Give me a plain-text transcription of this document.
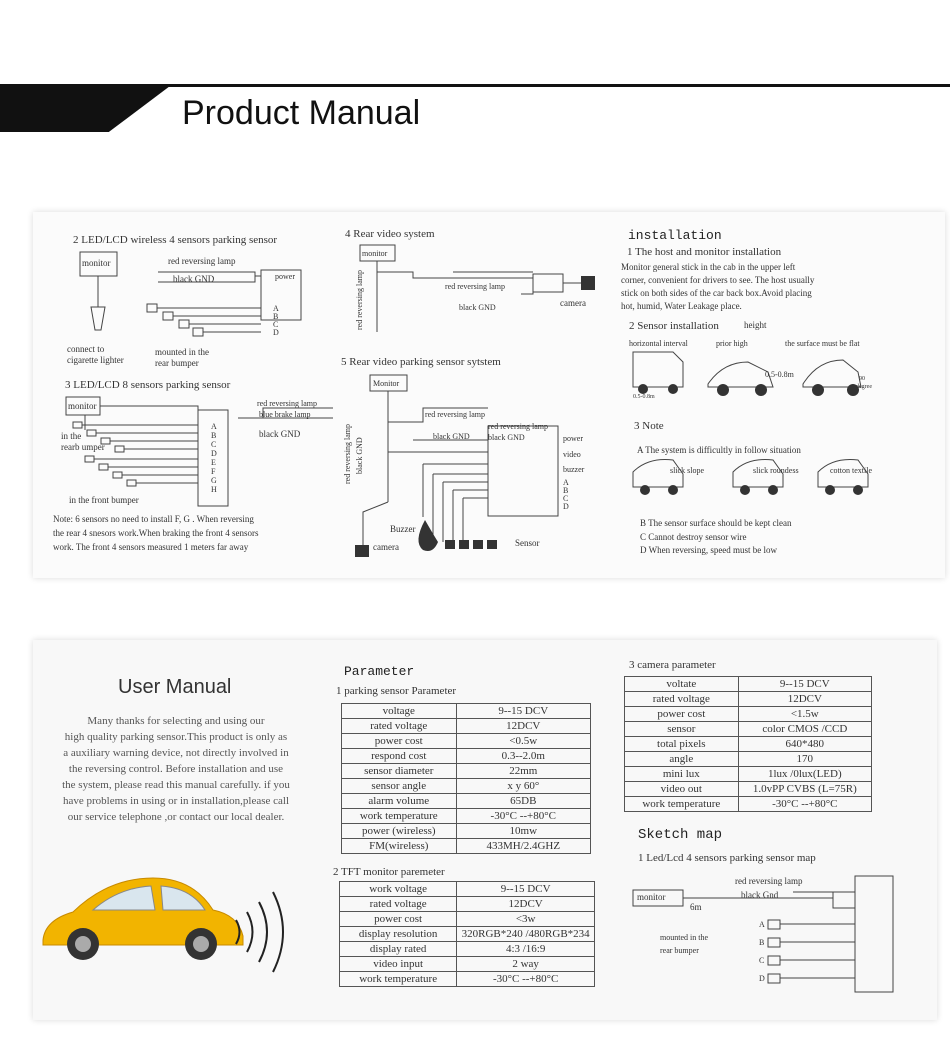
Product Manual
2 LED/LCD wireless 4 sensors parking sensor
monitor	red reversing lamp
black GND	power
A
B
C
D
connect to
cigarette lighter
mounted in the
rear bumper
3 LED/LCD 8 sensors parking sensor
monitor	red reversing lamp
blue brake lamp
black GND
in the
rearb umper
in the front bumper
A
B
C
D
E
F
G
H
Note: 6 sensors no need to install F, G . When reversing
the rear 4 snesors work.When braking the front 4 sensors
work. The front 4 sensors measured 1 meters far away
4 Rear video system
monitor
red reversing lamp	red reversing lamp
black GND	camera
5 Rear video parking sensor sytstem
Monitor
red reversing lamp
black GND
red reversing lamp
black GND
red reversing lamp black GND	power
video
buzzer
A
B
C
D
Buzzer
camera	Sensor
installation
1 The host and monitor installation
Monitor general stick in the cab in the upper left
corner, convenient for drivers to see. The host usually
stick on both sides of the car back box.Avoid placing
hot, humid, Water Leakage place.
2 Sensor installation	height
horizontal interval	prior high	the surface must be flat
0.5-0.8m
0.5-0.8m	90
degree
3 Note
A The system is difficultly in follow situation
slick slope	slick roundess	cotton textile
B The sensor surface should be kept clean
C Cannot destroy sensor wire
D When reversing, speed must be low
User Manual
Many thanks for selecting and using our
high quality parking sensor.This product is only as
a auxiliary warning device, not directly involved in
the reversing control. Before installation and use
the system, please read this manual carefully. if you
have problems in using or in installation,please call
our service telephone ,or contact our local dealer.
Parameter
1 parking sensor Parameter
voltage	9--15 DCV
rated voltage	12DCV
power cost	<0.5w
respond cost	0.3--2.0m
sensor diameter	22mm
sensor angle	x y 60°
alarm volume	65DB
work temperature	-30°C --+80°C
power (wireless)	10mw
FM(wireless)	433MH/2.4GHZ
2 TFT monitor paremeter
work voltage	9--15 DCV
rated voltage	12DCV
power cost	<3w
display resolution	320RGB*240 /480RGB*234
display rated	4:3 /16:9
video input	2 way
work temperature	-30°C --+80°C
3 camera parameter
voltate	9--15 DCV
rated voltage	12DCV
power cost	<1.5w
sensor	color CMOS /CCD
total pixels	640*480
angle	170
mini lux	1lux /0lux(LED)
video out	1.0vPP CVBS (L=75R)
work temperature	-30°C --+80°C
Sketch map
1 Led/Lcd 4 sensors parking sensor map
red reversing lamp
monitor	black Gnd
6m
mounted in the
rear bumper
A
B
C
D
